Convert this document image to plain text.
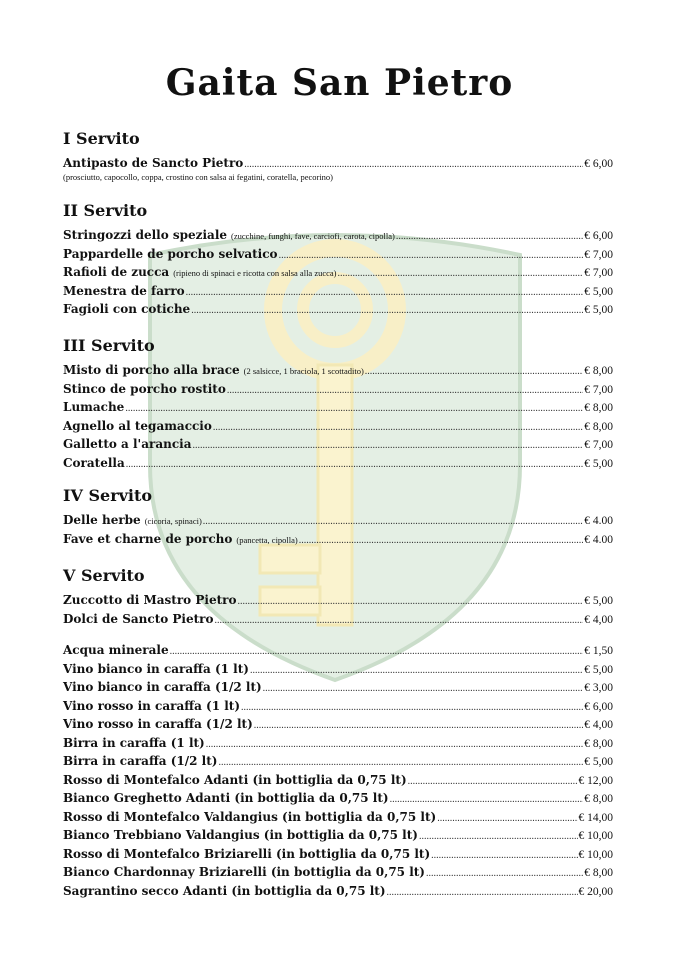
Gaita San Pietro
I Servito
Antipasto de Sancto Pietro .....	€ 6,00
(prosciutto, capocollo, coppa, crostino con salsa ai fegatini, coratella, pecorino)
II Servito
Stringozzi dello speziale (zucchine, funghi, fave, carciofi, carota, cipolla) .....	€ 6,00
Pappardelle de porcho selvatico .....	€ 7,00
Rafioli de zucca (ripieno di spinaci e ricotta con salsa alla zucca) .....	€ 7,00
Menestra de farro .....	€ 5,00
Fagioli con cotiche .....	€ 5,00
III Servito
Misto di porcho alla brace (2 salsicce, 1 braciola, 1 scottadito) .....	€ 8,00
Stinco de porcho rostito .....	€ 7,00
Lumache .....	€ 8,00
Agnello al tegamaccio .....	€ 8,00
Galletto a l'arancia .....	€ 7,00
Coratella .....	€ 5,00
IV Servito
Delle herbe (cicoria, spinaci) .....	€ 4.00
Fave et charne de porcho (pancetta, cipolla) .....	€ 4.00
V Servito
Zuccotto di Mastro Pietro .....	€ 5,00
Dolci de Sancto Pietro .....	€ 4,00
Acqua minerale .....	€ 1,50
Vino bianco in caraffa (1 lt) .....	€ 5,00
Vino bianco in caraffa (1/2 lt) .....	€ 3,00
Vino rosso in caraffa (1 lt) .....	€ 6,00
Vino rosso in caraffa (1/2 lt) .....	€ 4,00
Birra in caraffa (1 lt) .....	€ 8,00
Birra in caraffa (1/2 lt) .....	€ 5,00
Rosso di Montefalco Adanti (in bottiglia da 0,75 lt) .....	€ 12,00
Bianco Greghetto Adanti (in bottiglia da 0,75 lt) .....	€ 8,00
Rosso di Montefalco Valdangius (in bottiglia da 0,75 lt) .....	€ 14,00
Bianco Trebbiano Valdangius (in bottiglia da 0,75 lt) .....	€ 10,00
Rosso di Montefalco Briziarelli (in bottiglia da 0,75 lt) .....	€ 10,00
Bianco Chardonnay Briziarelli (in bottiglia da 0,75 lt) .....	€ 8,00
Sagrantino secco Adanti (in bottiglia da 0,75 lt) .....	€ 20,00
